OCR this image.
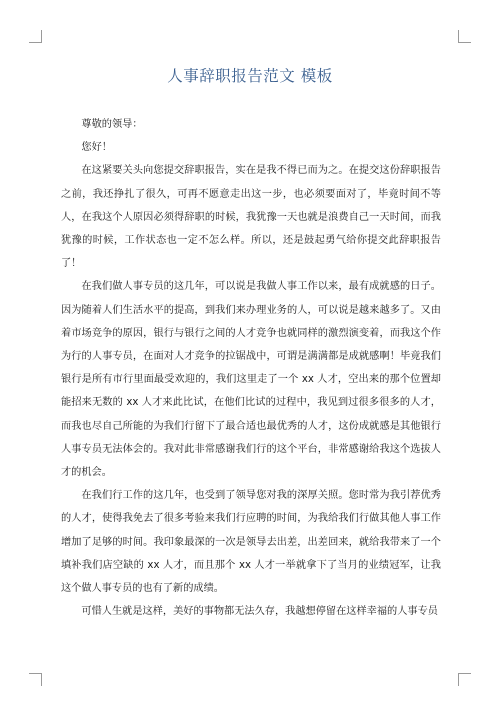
人事辞职报告范文 模板

尊敬的领导：

您好！

在这紧要关头向您提交辞职报告，实在是我不得已而为之。在提交这份辞职报告之前，我还挣扎了很久，可再不愿意走出这一步，也必须要面对了，毕竟时间不等人，在我这个人原因必须得辞职的时候，我犹豫一天也就是浪费自己一天时间，而我犹豫的时候，工作状态也一定不怎么样。所以，还是鼓起勇气给你提交此辞职报告了！

在我们做人事专员的这几年，可以说是我做人事工作以来，最有成就感的日子。因为随着人们生活水平的提高，到我们来办理业务的人，可以说是越来越多了。又由着市场竞争的原因，银行与银行之间的人才竞争也就同样的激烈演变着，而我这个作为行的人事专员，在面对人才竞争的拉锯战中，可谓是满满都是成就感啊！毕竟我们银行是所有市行里面最受欢迎的，我们这里走了一个 xx 人才，空出来的那个位置却能招来无数的 xx 人才来此比试，在他们比试的过程中，我见到过很多很多的人才，而我也尽自己所能的为我们行留下了最合适也最优秀的人才，这份成就感是其他银行人事专员无法体会的。我对此非常感谢我们行的这个平台，非常感谢给我这个选拔人才的机会。

在我们行工作的这几年，也受到了领导您对我的深厚关照。您时常为我引荐优秀的人才，使得我免去了很多考验来我们行应聘的时间，为我给我们行做其他人事工作增加了足够的时间。我印象最深的一次是领导去出差，出差回来，就给我带来了一个填补我们店空缺的 xx 人才，而且那个 xx 人才一举就拿下了当月的业绩冠军，让我这个做人事专员的也有了新的成绩。

可惜人生就是这样，美好的事物都无法久存，我越想停留在这样幸福的人事专员
